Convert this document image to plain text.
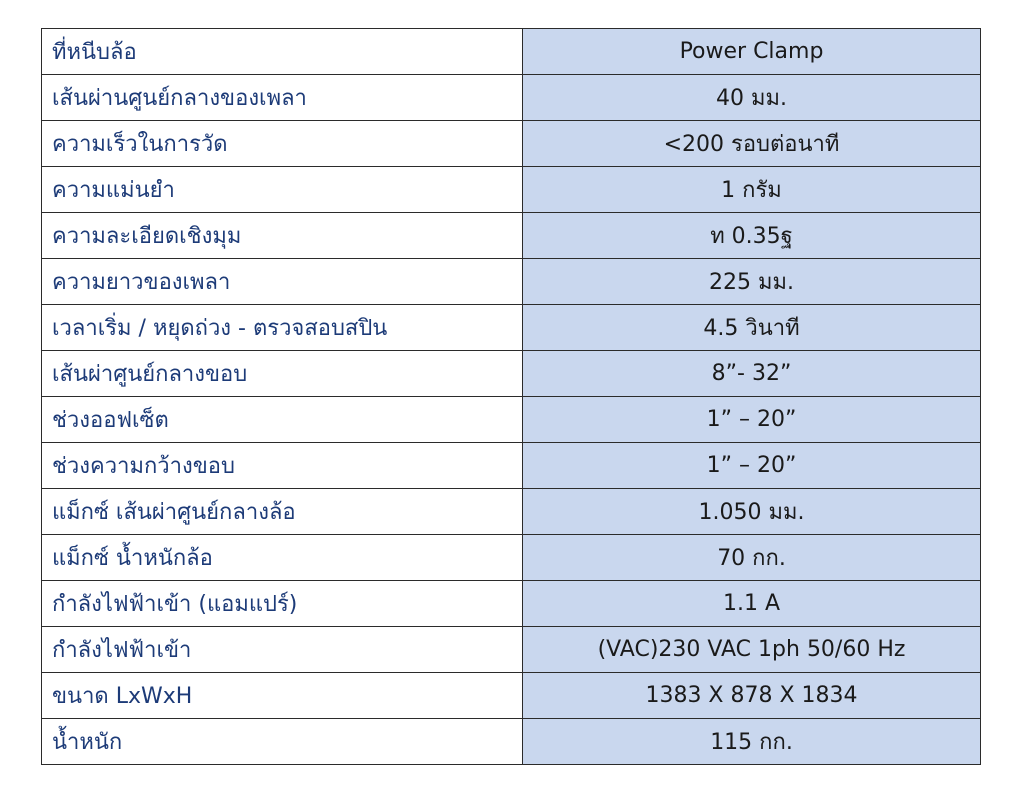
ที่หนีบล้อ	Power Clamp
เส้นผ่านศูนย์กลางของเพลา	40 มม.
ความเร็วในการวัด	<200 รอบต่อนาที
ความแม่นยำ	1 กรัม
ความละเอียดเชิงมุม	ท 0.35ฐ
ความยาวของเพลา	225 มม.
เวลาเริ่ม / หยุดถ่วง - ตรวจสอบสปิน	4.5 วินาที
เส้นผ่าศูนย์กลางขอบ	8”- 32”
ช่วงออฟเซ็ต	1” – 20”
ช่วงความกว้างขอบ	1” – 20”
แม็กซ์ เส้นผ่าศูนย์กลางล้อ	1.050 มม.
แม็กซ์ น้ำหนักล้อ	70 กก.
กำลังไฟฟ้าเข้า (แอมแปร์)	1.1 A
กำลังไฟฟ้าเข้า	(VAC)230 VAC 1ph 50/60 Hz
ขนาด LxWxH	1383 X 878 X 1834
น้ำหนัก	115 กก.
